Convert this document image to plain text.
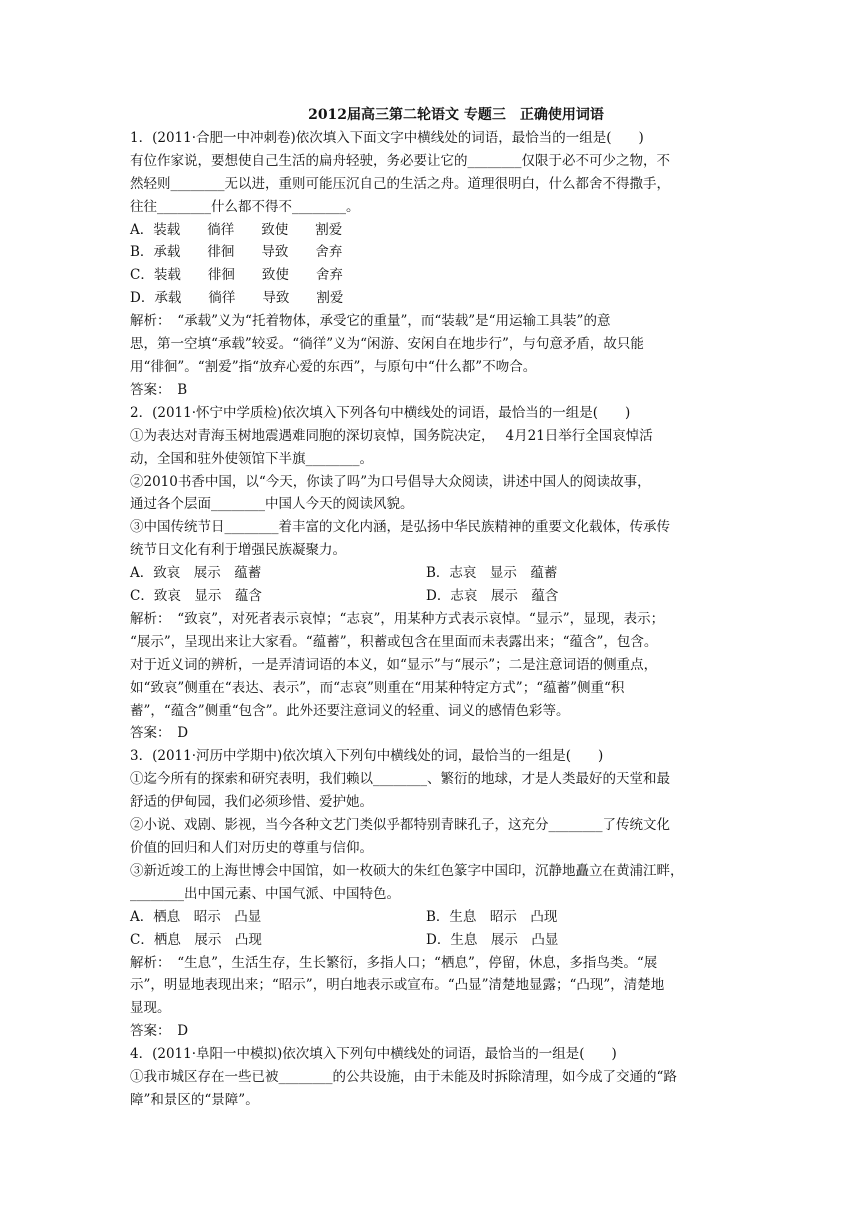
2012届高三第二轮语文 专题三　正确使用词语
1．(2011·合肥一中冲刺卷)依次填入下面文字中横线处的词语，最恰当的一组是(　　)
有位作家说，要想使自己生活的扁舟轻驶，务必要让它的________仅限于必不可少之物，不
然轻则________无以进，重则可能压沉自己的生活之舟。道理很明白，什么都舍不得撒手，
往往________什么都不得不________。
A．装载　　徜徉　　致使　　割爱
B．承载　　徘徊　　导致　　舍弃
C．装载　　徘徊　　致使　　舍弃
D．承载　　徜徉　　导致　　割爱
解析：　“承载”义为“托着物体，承受它的重量”，而“装载”是“用运输工具装”的意
思，第一空填“承载”较妥。“徜徉”义为“闲游、安闲自在地步行”，与句意矛盾，故只能
用“徘徊”。“割爱”指“放弃心爱的东西”，与原句中“什么都”不吻合。
答案：　B
2．(2011·怀宁中学质检)依次填入下列各句中横线处的词语，最恰当的一组是(　　)
①为表达对青海玉树地震遇难同胞的深切哀悼，国务院决定，　 4月21日举行全国哀悼活
动，全国和驻外使领馆下半旗________。
②2010书香中国，以“今天，你读了吗”为口号倡导大众阅读，讲述中国人的阅读故事，
通过各个层面________中国人今天的阅读风貌。
③中国传统节日________着丰富的文化内涵，是弘扬中华民族精神的重要文化载体，传承传
统节日文化有利于增强民族凝聚力。
A．致哀　展示　蕴蓄	B．志哀　显示　蕴蓄
C．致哀　显示　蕴含	D．志哀　展示　蕴含
解析：　“致哀”，对死者表示哀悼；“志哀”，用某种方式表示哀悼。“显示”，显现，表示；
“展示”，呈现出来让大家看。“蕴蓄”，积蓄或包含在里面而未表露出来；“蕴含”，包含。
对于近义词的辨析，一是弄清词语的本义，如“显示”与“展示”；二是注意词语的侧重点，
如“致哀”侧重在“表达、表示”，而“志哀”则重在“用某种特定方式”；“蕴蓄”侧重“积
蓄”，“蕴含”侧重“包含”。此外还要注意词义的轻重、词义的感情色彩等。
答案：　D
3．(2011·河历中学期中)依次填入下列句中横线处的词，最恰当的一组是(　　)
①迄今所有的探索和研究表明，我们赖以________、繁衍的地球，才是人类最好的天堂和最
舒适的伊甸园，我们必须珍惜、爱护她。
②小说、戏剧、影视，当今各种文艺门类似乎都特别青睐孔子，这充分________了传统文化
价值的回归和人们对历史的尊重与信仰。
③新近竣工的上海世博会中国馆，如一枚硕大的朱红色篆字中国印，沉静地矗立在黄浦江畔，
________出中国元素、中国气派、中国特色。
A．栖息　昭示　凸显	B．生息　昭示　凸现
C．栖息　展示　凸现	D．生息　展示　凸显
解析：　“生息”，生活生存，生长繁衍，多指人口；“栖息”，停留，休息，多指鸟类。“展
示”，明显地表现出来；“昭示”，明白地表示或宣布。“凸显”清楚地显露；“凸现”，清楚地
显现。
答案：　D
4．(2011·阜阳一中模拟)依次填入下列句中横线处的词语，最恰当的一组是(　　)
①我市城区存在一些已被________的公共设施，由于未能及时拆除清理，如今成了交通的“路
障”和景区的“景障”。
